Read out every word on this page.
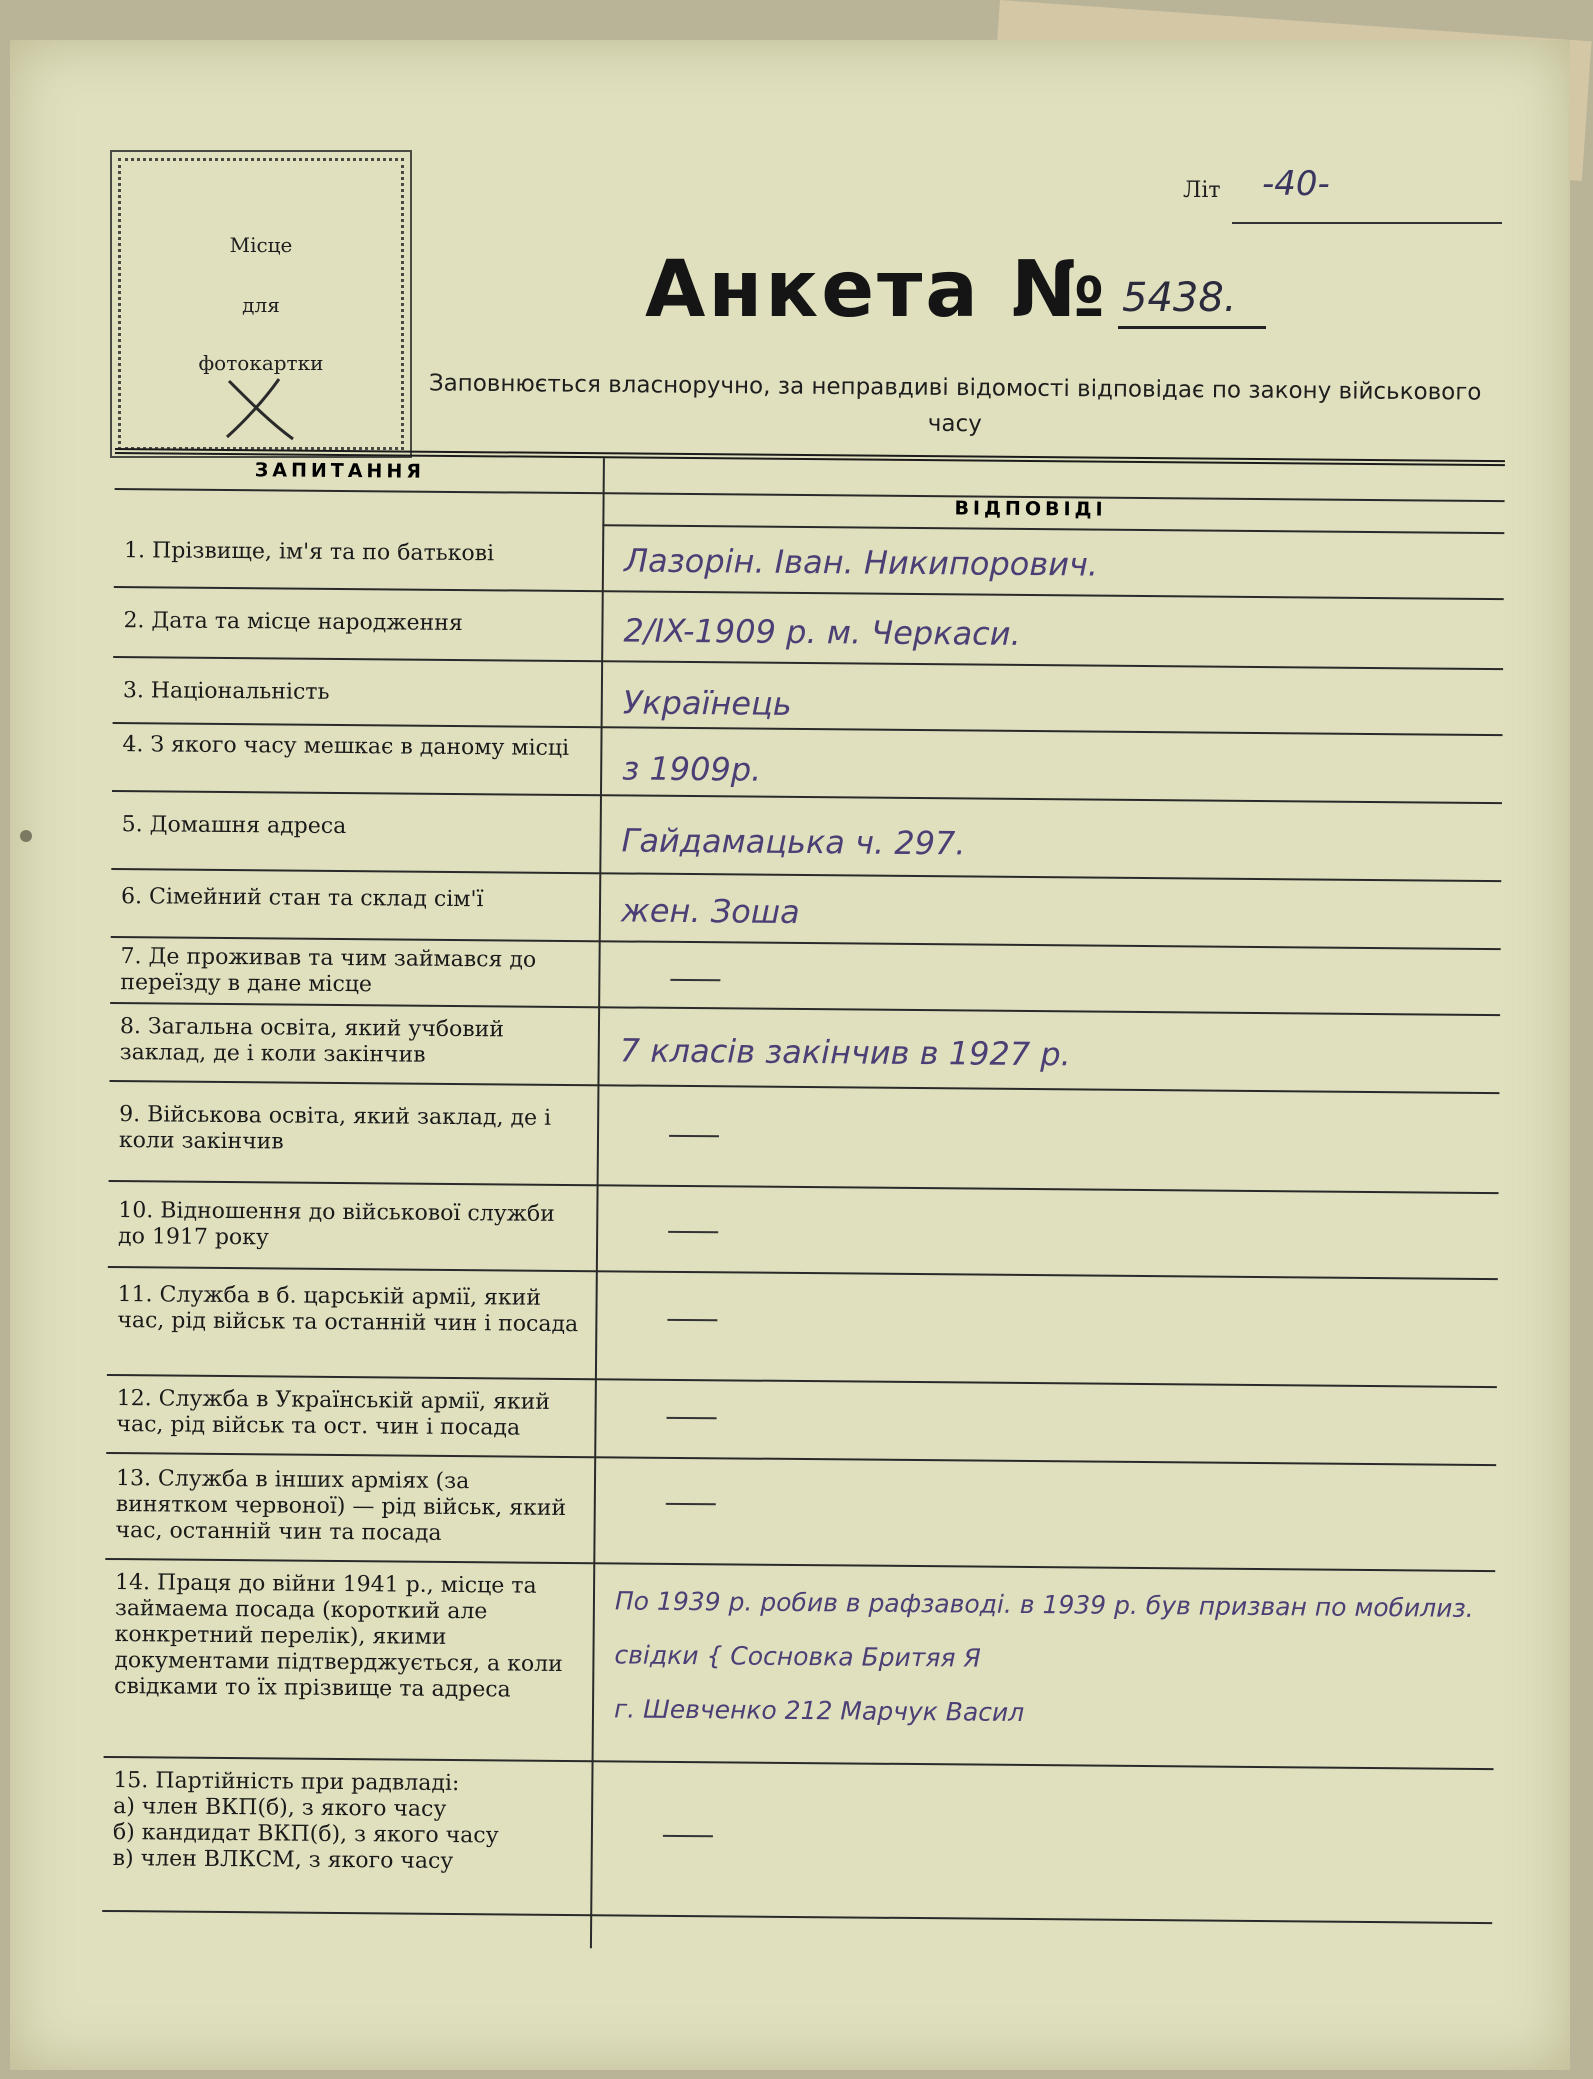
Місце
для
фотокартки
Літ -40-
Анкета № 5438.
Заповнюється власноручно, за неправдиві відомості відповідає по закону військового часу
ЗАПИТАННЯ
ВІДПОВІДІ
1. Прізвище, ім'я та по батькові	Лазорін. Іван. Никипорович.
2. Дата та місце народження	2/IX-1909 р. м. Черкаси.
3. Національність	Українець
4. З якого часу мешкає в даному місці
з 1909р.
5. Домашня адреса	Гайдамацька ч. 297.
6. Сімейний стан та склад сім'ї	жен. Зоша
7. Де проживав та чим займався до переїзду в дане місце
8. Загальна освіта, який учбовий заклад, де і коли закінчив	7 класів закінчив в 1927 р.
9. Військова освіта, який заклад, де і коли закінчив
10. Відношення до військової служби до 1917 року
11. Служба в б. царській армії, який час, рід військ та останній чин і посада
12. Служба в Українській армії, який час, рід військ та ост. чин і посада
13. Служба в інших арміях (за винятком червоної) — рід військ, який час, останній чин та посада
14. Праця до війни 1941 р., місце та займаема посада (короткий але конкретний перелік), якими документами підтверджується, а коли свідками то їх прізвище та адреса
По 1939 р. робив в рафзаводі. в 1939 р. був призван по мобилиз.
свідки { Сосновка Бритяя Я
г. Шевченко 212 Марчук Васил
15. Партійність при радвладі:
а) член ВКП(б), з якого часу
б) кандидат ВКП(б), з якого часу
в) член ВЛКСМ, з якого часу
